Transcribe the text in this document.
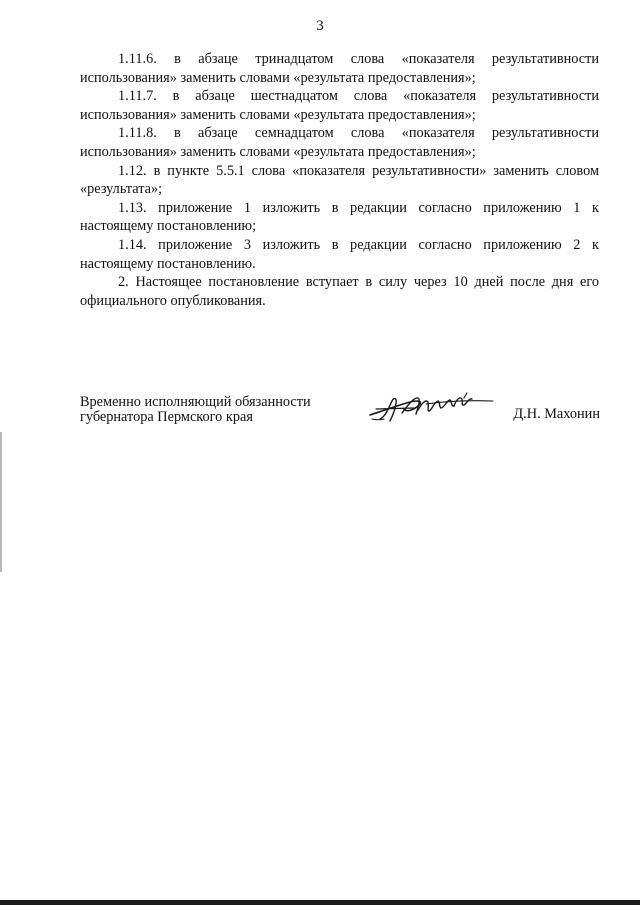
3

1.11.6. в абзаце тринадцатом слова «показателя результативности использования» заменить словами «результата предоставления»;

1.11.7. в абзаце шестнадцатом слова «показателя результативности использования» заменить словами «результата предоставления»;

1.11.8. в абзаце семнадцатом слова «показателя результативности использования» заменить словами «результата предоставления»;

1.12. в пункте 5.5.1 слова «показателя результативности» заменить словом «результата»;

1.13. приложение 1 изложить в редакции согласно приложению 1 к настоящему постановлению;

1.14. приложение 3 изложить в редакции согласно приложению 2 к настоящему постановлению.

2. Настоящее постановление вступает в силу через 10 дней после дня его официального опубликования.

Временно исполняющий обязанности
губернатора Пермского края	Д.Н. Махонин
